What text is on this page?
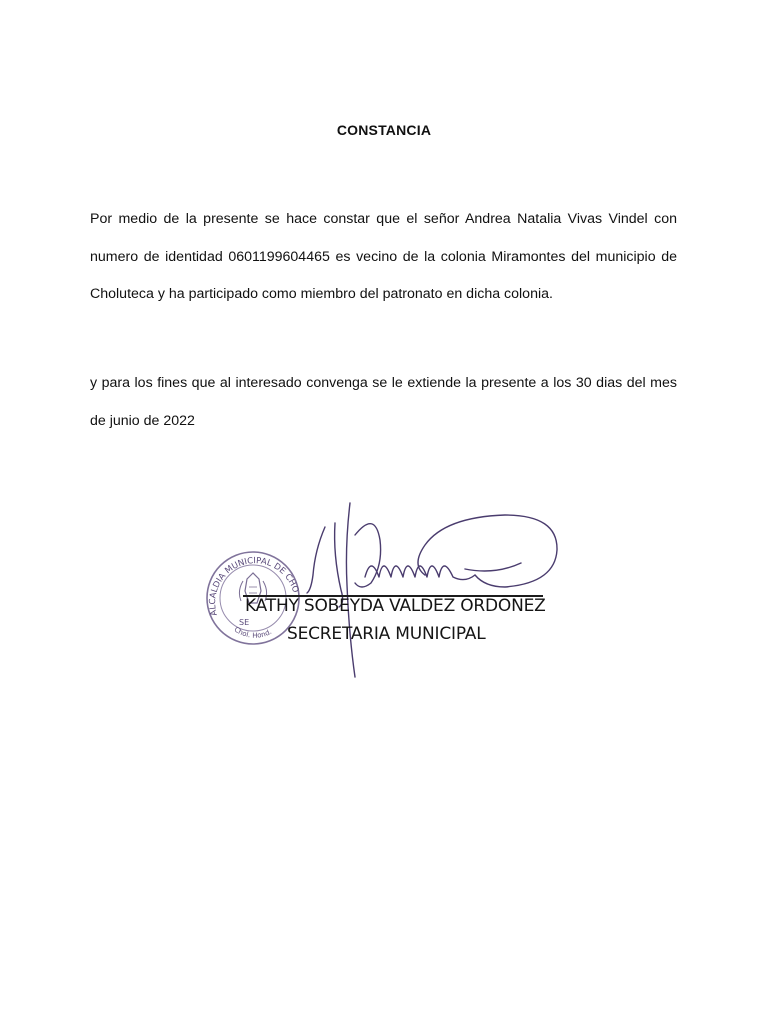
CONSTANCIA

Por medio de la presente se hace constar que el señor Andrea Natalia Vivas Vindel con numero de identidad 0601199604465 es vecino de la colonia Miramontes del municipio de Choluteca y ha participado como miembro del patronato en dicha colonia.

y para los fines que al interesado convenga se le extiende la presente a los 30 dias del mes de junio de 2022

ALCALDIA MUNICIPAL DE CHOLUTECA
Chol. Hond.
SE
KATHY SOBEYDA VALDEZ ORDOÑEZ
SECRETARIA MUNICIPAL
